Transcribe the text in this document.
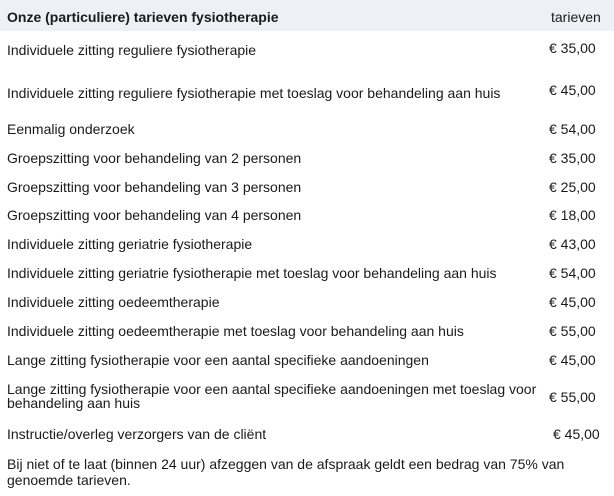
Onze (particuliere) tarieven fysiotherapie	tarieven
Individuele zitting reguliere fysiotherapie	€ 35,00
Individuele zitting reguliere fysiotherapie met toeslag voor behandeling aan huis	€ 45,00
Eenmalig onderzoek	€ 54,00
Groepszitting voor behandeling van 2 personen	€ 35,00
Groepszitting voor behandeling van 3 personen	€ 25,00
Groepszitting voor behandeling van 4 personen	€ 18,00
Individuele zitting geriatrie fysiotherapie	€ 43,00
Individuele zitting geriatrie fysiotherapie met toeslag voor behandeling aan huis	€ 54,00
Individuele zitting oedeemtherapie	€ 45,00
Individuele zitting oedeemtherapie met toeslag voor behandeling aan huis	€ 55,00
Lange zitting fysiotherapie voor een aantal specifieke aandoeningen	€ 45,00
Lange zitting fysiotherapie voor een aantal specifieke aandoeningen met toeslag voor behandeling aan huis	€ 55,00
Instructie/overleg verzorgers van de cliënt	€ 45,00
Bij niet of te laat (binnen 24 uur) afzeggen van de afspraak geldt een bedrag van 75% van genoemde tarieven.
